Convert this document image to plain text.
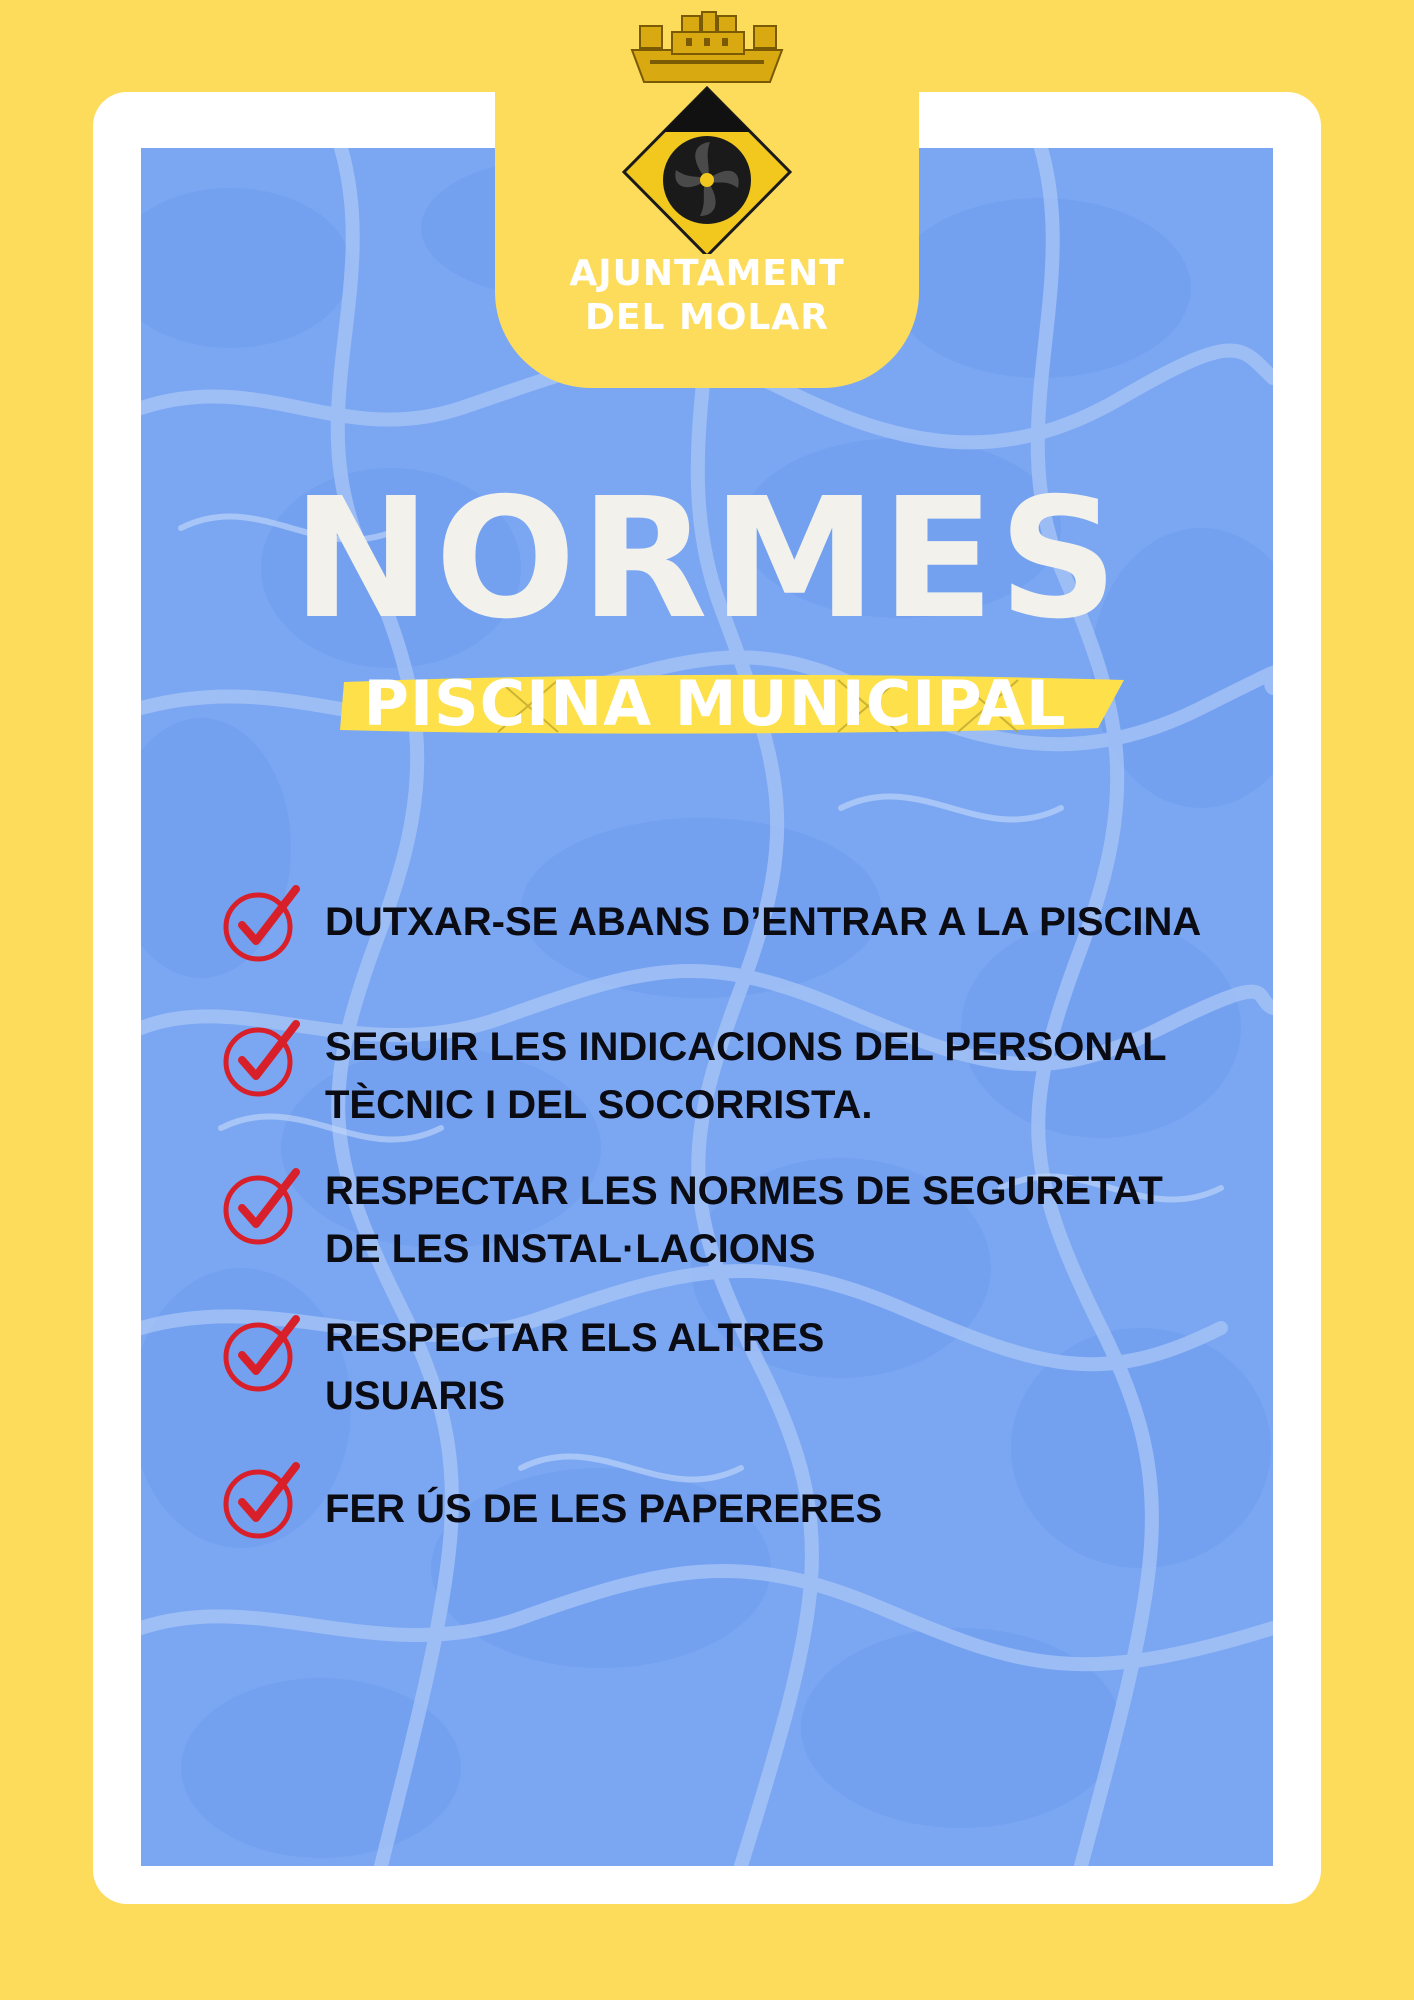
AJUNTAMENT
DEL MOLAR
NORMES
PISCINA MUNICIPAL
DUTXAR-SE ABANS D’ENTRAR A LA PISCINA
SEGUIR LES INDICACIONS DEL PERSONAL
TÈCNIC I DEL SOCORRISTA.
RESPECTAR LES NORMES DE SEGURETAT
DE LES INSTAL·LACIONS
RESPECTAR ELS ALTRES
USUARIS
FER ÚS DE LES PAPERERES
